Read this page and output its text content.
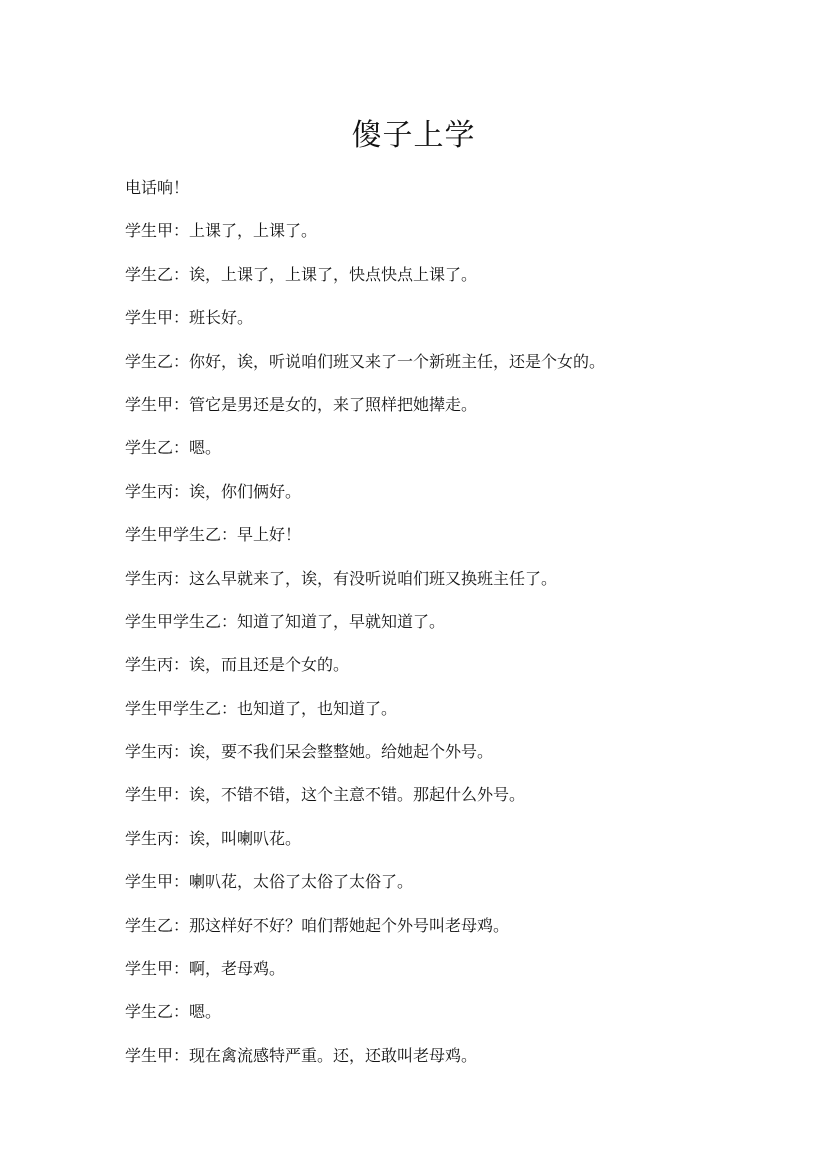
傻子上学
电话响！
学生甲：上课了，上课了。
学生乙：诶，上课了，上课了，快点快点上课了。
学生甲：班长好。
学生乙：你好，诶，听说咱们班又来了一个新班主任，还是个女的。
学生甲：管它是男还是女的，来了照样把她撵走。
学生乙：嗯。
学生丙：诶，你们俩好。
学生甲学生乙：早上好！
学生丙：这么早就来了，诶，有没听说咱们班又换班主任了。
学生甲学生乙：知道了知道了，早就知道了。
学生丙：诶，而且还是个女的。
学生甲学生乙：也知道了，也知道了。
学生丙：诶，要不我们呆会整整她。给她起个外号。
学生甲：诶，不错不错，这个主意不错。那起什么外号。
学生丙：诶，叫喇叭花。
学生甲：喇叭花，太俗了太俗了太俗了。
学生乙：那这样好不好？咱们帮她起个外号叫老母鸡。
学生甲：啊，老母鸡。
学生乙：嗯。
学生甲：现在禽流感特严重。还，还敢叫老母鸡。
